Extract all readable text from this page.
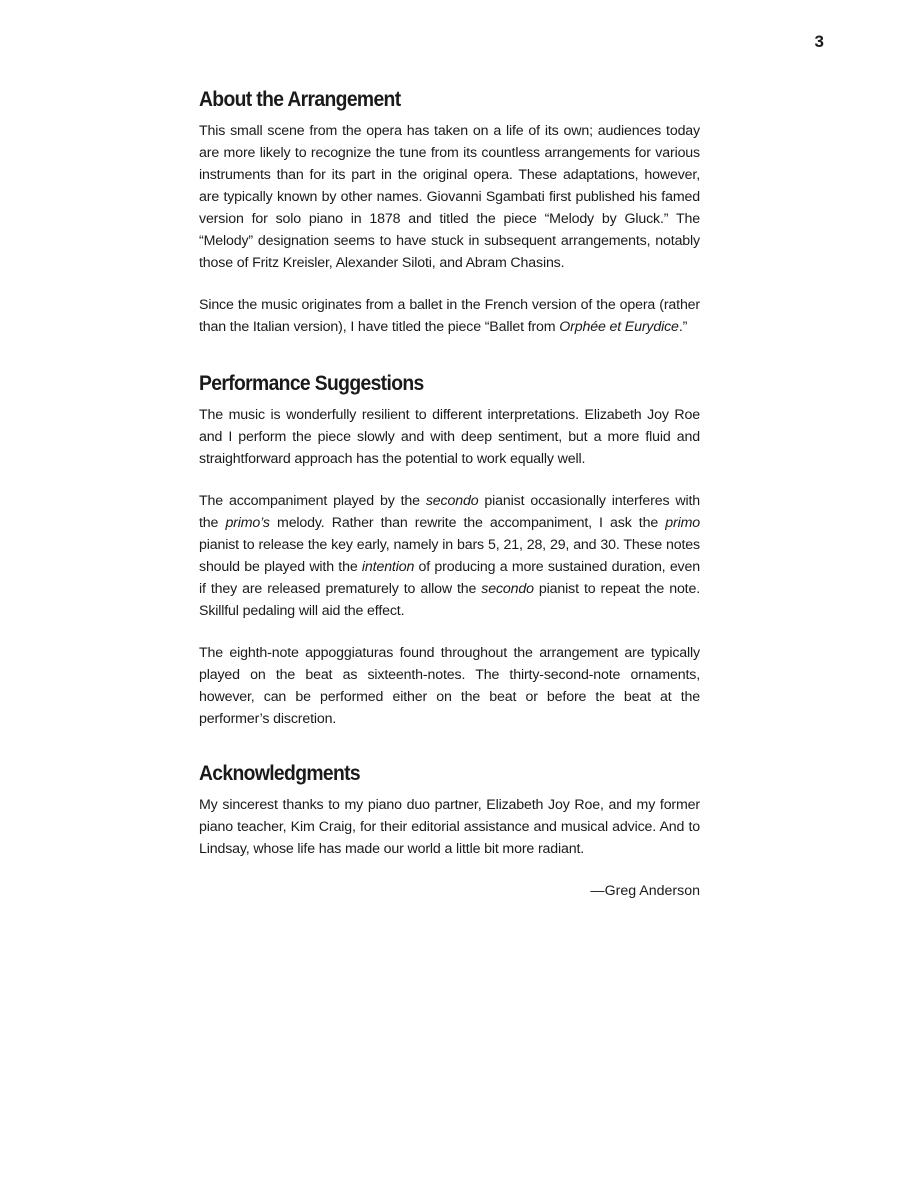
3
About the Arrangement

This small scene from the opera has taken on a life of its own; audiences today are more likely to recognize the tune from its countless arrangements for various instruments than for its part in the original opera. These adaptations, however, are typically known by other names. Giovanni Sgambati first published his famed version for solo piano in 1878 and titled the piece “Melody by Gluck.” The “Melody” designation seems to have stuck in subsequent arrangements, notably those of Fritz Kreisler, Alexander Siloti, and Abram Chasins.

Since the music originates from a ballet in the French version of the opera (rather than the Italian version), I have titled the piece “Ballet from Orphée et Eurydice.”

Performance Suggestions

The music is wonderfully resilient to different interpretations. Elizabeth Joy Roe and I perform the piece slowly and with deep sentiment, but a more fluid and straightforward approach has the potential to work equally well.

The accompaniment played by the secondo pianist occasionally interferes with the primo’s melody. Rather than rewrite the accompaniment, I ask the primo pianist to release the key early, namely in bars 5, 21, 28, 29, and 30. These notes should be played with the intention of producing a more sustained duration, even if they are released prematurely to allow the secondo pianist to repeat the note. Skillful pedaling will aid the effect.

The eighth-note appoggiaturas found throughout the arrangement are typically played on the beat as sixteenth-notes. The thirty-second-note ornaments, however, can be performed either on the beat or before the beat at the performer’s discretion.

Acknowledgments

My sincerest thanks to my piano duo partner, Elizabeth Joy Roe, and my former piano teacher, Kim Craig, for their editorial assistance and musical advice. And to Lindsay, whose life has made our world a little bit more radiant.

—Greg Anderson
